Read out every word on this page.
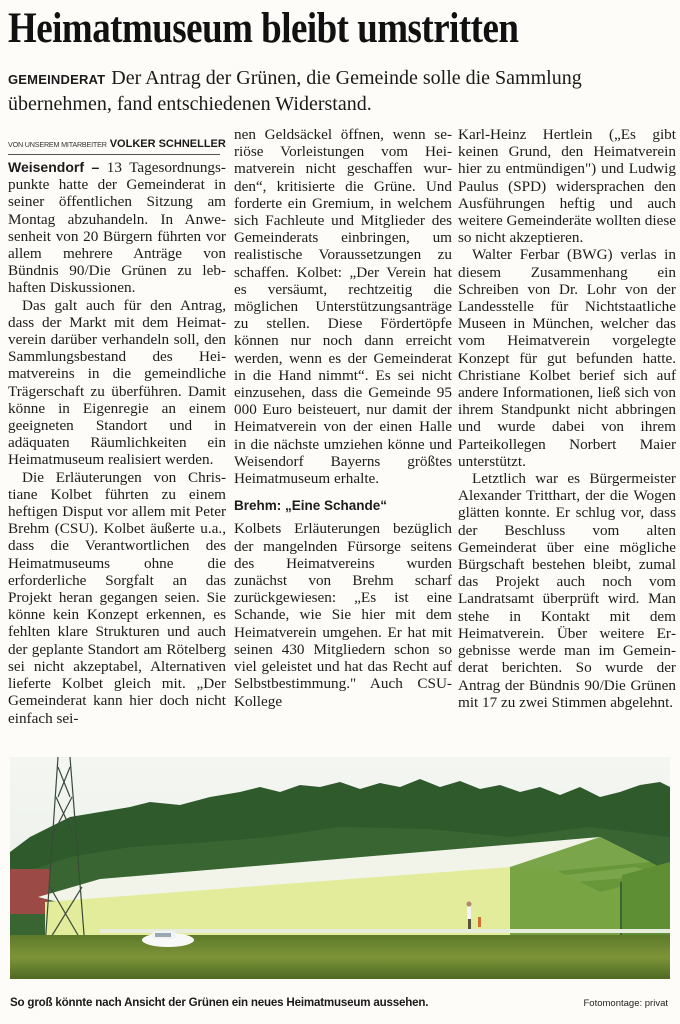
Heimatmuseum bleibt umstritten
GEMEINDERAT Der Antrag der Grünen, die Gemeinde solle die Sammlung übernehmen, fand entschiedenen Widerstand.
VON UNSEREM MITARBEITER VOLKER SCHNELLER

Weisendorf – 13 Tagesordnungspunkte hatte der Gemeinderat in seiner öffentlichen Sitzung am Montag abzuhandeln. In Anwesenheit von 20 Bürgern führten vor allem mehrere Anträge von Bündnis 90/Die Grünen zu lebhaften Diskussionen.

Das galt auch für den Antrag, dass der Markt mit dem Heimatverein darüber verhandeln soll, den Sammlungsbestand des Heimatvereins in die gemeindliche Trägerschaft zu überführen. Damit könne in Eigenregie an einem geeigneten Standort und in adäquaten Räumlichkeiten ein Heimatmuseum realisiert werden.

Die Erläuterungen von Christiane Kolbet führten zu einem heftigen Disput vor allem mit Peter Brehm (CSU). Kolbet äußerte u.a., dass die Verantwortlichen des Heimatmuseums ohne die erforderliche Sorgfalt an das Projekt heran gegangen seien. Sie könne kein Konzept erkennen, es fehlten klare Strukturen und auch der geplante Standort am Rötelberg sei nicht akzeptabel, Alternativen lieferte Kolbet gleich mit. „Der Gemeinderat kann hier doch nicht einfach sei-

nen Geldsäckel öffnen, wenn seriöse Vorleistungen vom Heimatverein nicht geschaffen wurden“, kritisierte die Grüne. Und forderte ein Gremium, in welchem sich Fachleute und Mitglieder des Gemeinderats einbringen, um realistische Voraussetzungen zu schaffen. Kolbet: „Der Verein hat es versäumt, rechtzeitig die möglichen Unterstützungsanträge zu stellen. Diese Fördertöpfe können nur noch dann erreicht werden, wenn es der Gemeinderat in die Hand nimmt“. Es sei nicht einzusehen, dass die Gemeinde 95 000 Euro beisteuert, nur damit der Heimatverein von der einen Halle in die nächste umziehen könne und Weisendorf Bayerns größtes Heimatmuseum erhalte.

Brehm: „Eine Schande“

Kolbets Erläuterungen bezüglich der mangelnden Fürsorge seitens des Heimatvereins wurden zunächst von Brehm scharf zurückgewiesen: „Es ist eine Schande, wie Sie hier mit dem Heimatverein umgehen. Er hat mit seinen 430 Mitgliedern schon so viel geleistet und hat das Recht auf Selbstbestimmung." Auch CSU-Kollege

Karl-Heinz Hertlein („Es gibt keinen Grund, den Heimatverein hier zu entmündigen") und Ludwig Paulus (SPD) widersprachen den Ausführungen heftig und auch weitere Gemeinderäte wollten diese so nicht akzeptieren.

Walter Ferbar (BWG) verlas in diesem Zusammenhang ein Schreiben von Dr. Lohr von der Landesstelle für Nichtstaatliche Museen in München, welcher das vom Heimatverein vorgelegte Konzept für gut befunden hatte. Christiane Kolbet berief sich auf andere Informationen, ließ sich von ihrem Standpunkt nicht abbringen und wurde dabei von ihrem Parteikollegen Norbert Maier unterstützt.

Letztlich war es Bürgermeister Alexander Tritthart, der die Wogen glätten konnte. Er schlug vor, dass der Beschluss vom alten Gemeinderat über eine mögliche Bürgschaft bestehen bleibt, zumal das Projekt auch noch vom Landratsamt überprüft wird. Man stehe in Kontakt mit dem Heimatverein. Über weitere Ergebnisse werde man im Gemeinderat berichten. So wurde der Antrag der Bündnis 90/Die Grünen mit 17 zu zwei Stimmen abgelehnt.

So groß könnte nach Ansicht der Grünen ein neues Heimatmuseum aussehen.	Fotomontage: privat
